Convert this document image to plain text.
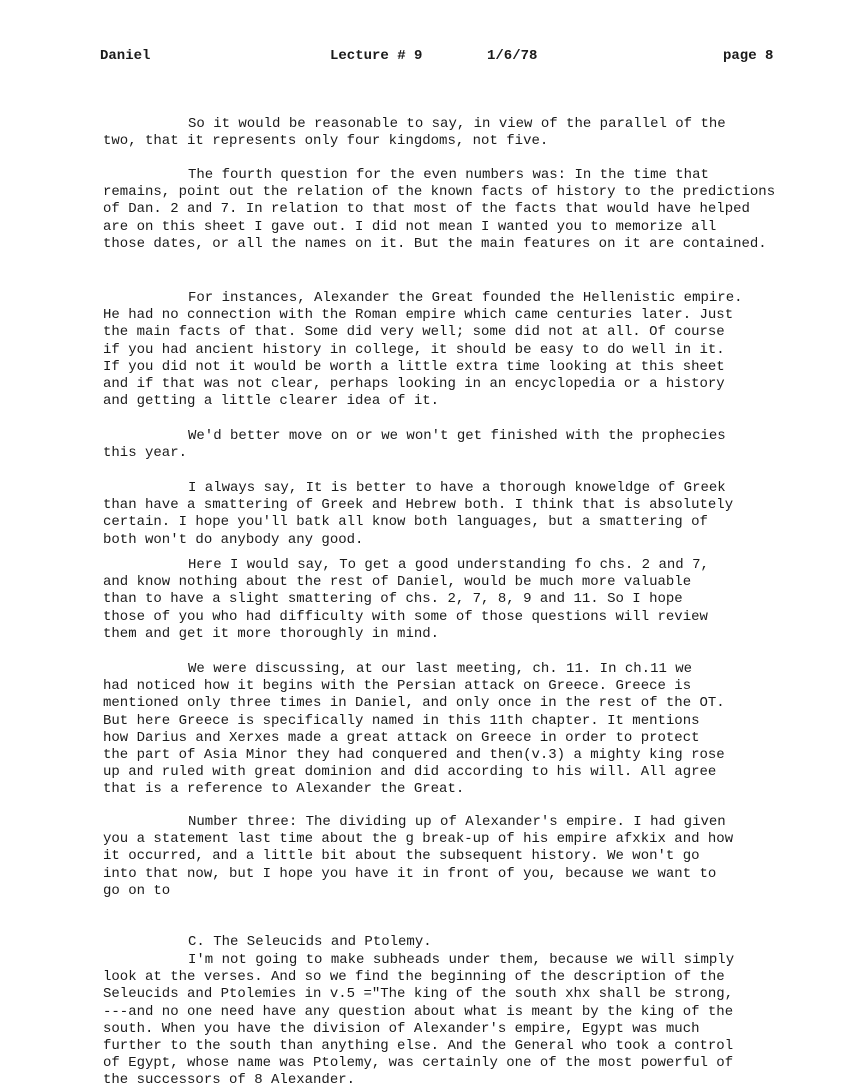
Daniel	Lecture # 9	1/6/78	page 8
So it would be reasonable to say, in view of the parallel of the
two, that it represents only four kingdoms, not five.
The fourth question for the even numbers was: In the time that
remains, point out the relation of the known facts of history to the predictions
of Dan. 2 and 7. In relation to that most of the facts that would have helped
are on this sheet I gave out. I did not mean I wanted you to memorize all
those dates, or all the names on it. But the main features on it are contained.
For instances, Alexander the Great founded the Hellenistic empire.
He had no connection with the Roman empire which came centuries later. Just
the main facts of that. Some did very well; some did not at all. Of course
if you had ancient history in college, it should be easy to do well in it.
If you did not it would be worth a little extra time looking at this sheet
and if that was not clear, perhaps looking in an encyclopedia or a history
and getting a little clearer idea of it.
We'd better move on or we won't get finished with the prophecies
this year.
I always say, It is better to have a thorough knoweldge of Greek
than have a smattering of Greek and Hebrew both. I think that is absolutely
certain. I hope you'll batk all know both languages, but a smattering of
both won't do anybody any good.
Here I would say, To get a good understanding fo chs. 2 and 7,
and know nothing about the rest of Daniel, would be much more valuable
than to have a slight smattering of chs. 2, 7, 8, 9 and 11. So I hope
those of you who had difficulty with some of those questions will review
them and get it more thoroughly in mind.
We were discussing, at our last meeting, ch. 11. In ch.11 we
had noticed how it begins with the Persian attack on Greece. Greece is
mentioned only three times in Daniel, and only once in the rest of the OT.
But here Greece is specifically named in this 11th chapter. It mentions
how Darius and Xerxes made a great attack on Greece in order to protect
the part of Asia Minor they had conquered and then(v.3) a mighty king rose
up and ruled with great dominion and did according to his will. All agree
that is a reference to Alexander the Great.
Number three: The dividing up of Alexander's empire. I had given
you a statement last time about the g break-up of his empire afxkix and how
it occurred, and a little bit about the subsequent history. We won't go
into that now, but I hope you have it in front of you, because we want to
go on to
C. The Seleucids and Ptolemy.
I'm not going to make subheads under them, because we will simply
look at the verses. And so we find the beginning of the description of the
Seleucids and Ptolemies in v.5 ="The king of the south xhx shall be strong,
---and no one need have any question about what is meant by the king of the
south. When you have the division of Alexander's empire, Egypt was much
further to the south than anything else. And the General who took a control
of Egypt, whose name was Ptolemy, was certainly one of the most powerful of
the successors of 8 Alexander.
